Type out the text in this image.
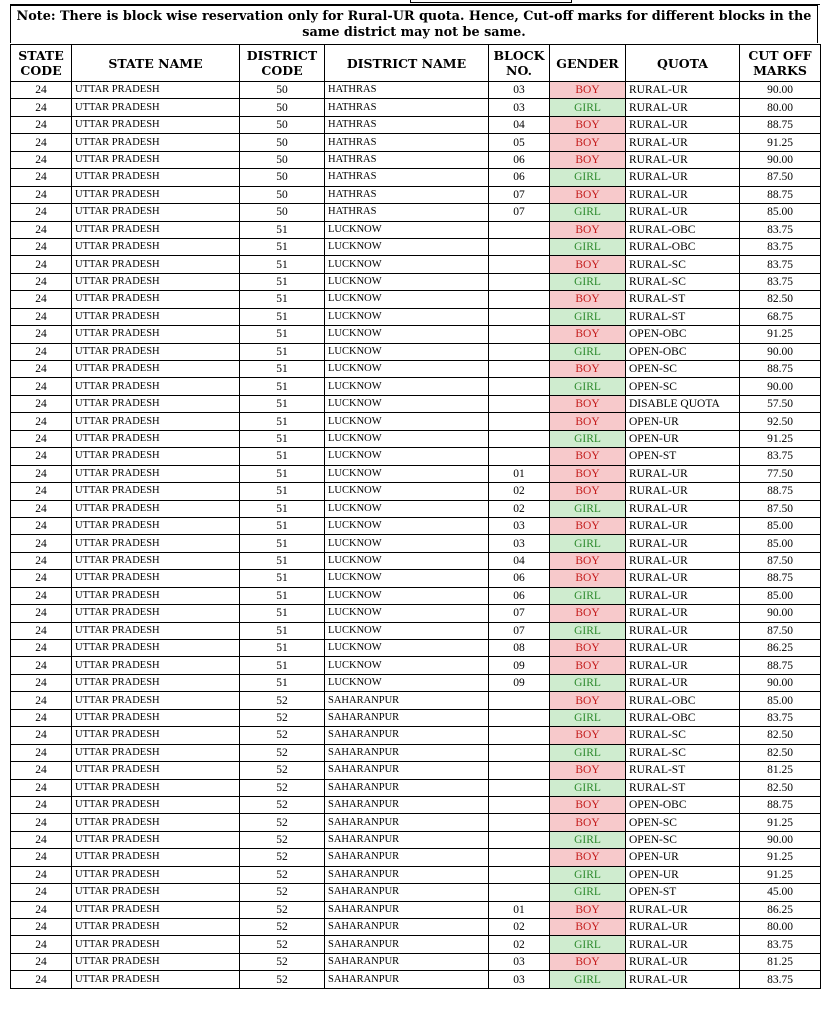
Note: There is block wise reservation only for Rural-UR quota. Hence, Cut-off marks for different blocks in the same district may not be same.
STATE CODE	STATE NAME	DISTRICT CODE	DISTRICT NAME	BLOCK NO.	GENDER	QUOTA	CUT OFF MARKS
24	UTTAR PRADESH	50	HATHRAS	03	BOY	RURAL-UR	90.00
24	UTTAR PRADESH	50	HATHRAS	03	GIRL	RURAL-UR	80.00
24	UTTAR PRADESH	50	HATHRAS	04	BOY	RURAL-UR	88.75
24	UTTAR PRADESH	50	HATHRAS	05	BOY	RURAL-UR	91.25
24	UTTAR PRADESH	50	HATHRAS	06	BOY	RURAL-UR	90.00
24	UTTAR PRADESH	50	HATHRAS	06	GIRL	RURAL-UR	87.50
24	UTTAR PRADESH	50	HATHRAS	07	BOY	RURAL-UR	88.75
24	UTTAR PRADESH	50	HATHRAS	07	GIRL	RURAL-UR	85.00
24	UTTAR PRADESH	51	LUCKNOW		BOY	RURAL-OBC	83.75
24	UTTAR PRADESH	51	LUCKNOW		GIRL	RURAL-OBC	83.75
24	UTTAR PRADESH	51	LUCKNOW		BOY	RURAL-SC	83.75
24	UTTAR PRADESH	51	LUCKNOW		GIRL	RURAL-SC	83.75
24	UTTAR PRADESH	51	LUCKNOW		BOY	RURAL-ST	82.50
24	UTTAR PRADESH	51	LUCKNOW		GIRL	RURAL-ST	68.75
24	UTTAR PRADESH	51	LUCKNOW		BOY	OPEN-OBC	91.25
24	UTTAR PRADESH	51	LUCKNOW		GIRL	OPEN-OBC	90.00
24	UTTAR PRADESH	51	LUCKNOW		BOY	OPEN-SC	88.75
24	UTTAR PRADESH	51	LUCKNOW		GIRL	OPEN-SC	90.00
24	UTTAR PRADESH	51	LUCKNOW		BOY	DISABLE QUOTA	57.50
24	UTTAR PRADESH	51	LUCKNOW		BOY	OPEN-UR	92.50
24	UTTAR PRADESH	51	LUCKNOW		GIRL	OPEN-UR	91.25
24	UTTAR PRADESH	51	LUCKNOW		BOY	OPEN-ST	83.75
24	UTTAR PRADESH	51	LUCKNOW	01	BOY	RURAL-UR	77.50
24	UTTAR PRADESH	51	LUCKNOW	02	BOY	RURAL-UR	88.75
24	UTTAR PRADESH	51	LUCKNOW	02	GIRL	RURAL-UR	87.50
24	UTTAR PRADESH	51	LUCKNOW	03	BOY	RURAL-UR	85.00
24	UTTAR PRADESH	51	LUCKNOW	03	GIRL	RURAL-UR	85.00
24	UTTAR PRADESH	51	LUCKNOW	04	BOY	RURAL-UR	87.50
24	UTTAR PRADESH	51	LUCKNOW	06	BOY	RURAL-UR	88.75
24	UTTAR PRADESH	51	LUCKNOW	06	GIRL	RURAL-UR	85.00
24	UTTAR PRADESH	51	LUCKNOW	07	BOY	RURAL-UR	90.00
24	UTTAR PRADESH	51	LUCKNOW	07	GIRL	RURAL-UR	87.50
24	UTTAR PRADESH	51	LUCKNOW	08	BOY	RURAL-UR	86.25
24	UTTAR PRADESH	51	LUCKNOW	09	BOY	RURAL-UR	88.75
24	UTTAR PRADESH	51	LUCKNOW	09	GIRL	RURAL-UR	90.00
24	UTTAR PRADESH	52	SAHARANPUR		BOY	RURAL-OBC	85.00
24	UTTAR PRADESH	52	SAHARANPUR		GIRL	RURAL-OBC	83.75
24	UTTAR PRADESH	52	SAHARANPUR		BOY	RURAL-SC	82.50
24	UTTAR PRADESH	52	SAHARANPUR		GIRL	RURAL-SC	82.50
24	UTTAR PRADESH	52	SAHARANPUR		BOY	RURAL-ST	81.25
24	UTTAR PRADESH	52	SAHARANPUR		GIRL	RURAL-ST	82.50
24	UTTAR PRADESH	52	SAHARANPUR		BOY	OPEN-OBC	88.75
24	UTTAR PRADESH	52	SAHARANPUR		BOY	OPEN-SC	91.25
24	UTTAR PRADESH	52	SAHARANPUR		GIRL	OPEN-SC	90.00
24	UTTAR PRADESH	52	SAHARANPUR		BOY	OPEN-UR	91.25
24	UTTAR PRADESH	52	SAHARANPUR		GIRL	OPEN-UR	91.25
24	UTTAR PRADESH	52	SAHARANPUR		GIRL	OPEN-ST	45.00
24	UTTAR PRADESH	52	SAHARANPUR	01	BOY	RURAL-UR	86.25
24	UTTAR PRADESH	52	SAHARANPUR	02	BOY	RURAL-UR	80.00
24	UTTAR PRADESH	52	SAHARANPUR	02	GIRL	RURAL-UR	83.75
24	UTTAR PRADESH	52	SAHARANPUR	03	BOY	RURAL-UR	81.25
24	UTTAR PRADESH	52	SAHARANPUR	03	GIRL	RURAL-UR	83.75
